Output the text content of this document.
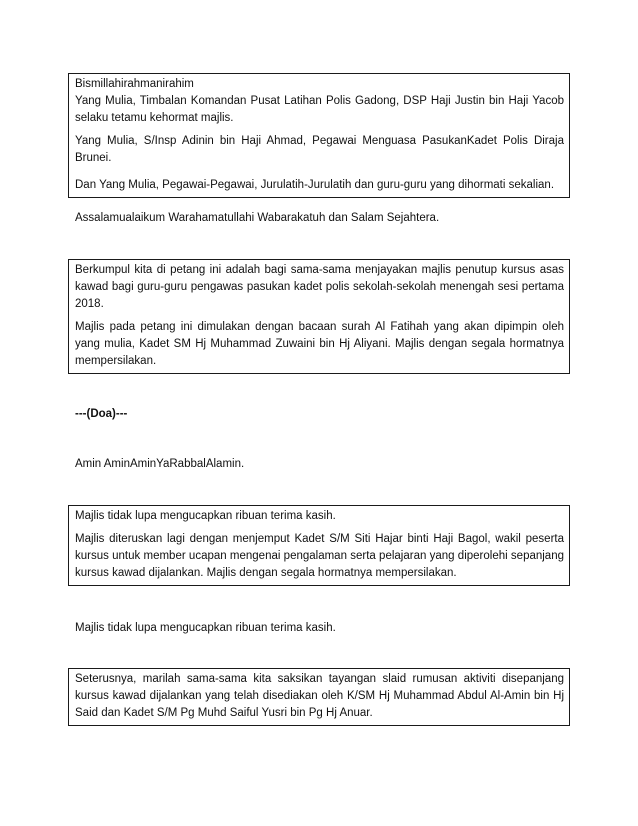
Bismillahirahmanirahim

Yang Mulia, Timbalan Komandan Pusat Latihan Polis Gadong, DSP Haji Justin bin Haji Yacob selaku tetamu kehormat majlis.

Yang Mulia, S/Insp Adinin bin Haji Ahmad, Pegawai Menguasa PasukanKadet Polis Diraja Brunei.

Dan Yang Mulia, Pegawai-Pegawai, Jurulatih-Jurulatih dan guru-guru yang dihormati sekalian.

Assalamualaikum Warahamatullahi Wabarakatuh dan Salam Sejahtera.

Berkumpul kita di petang ini adalah bagi sama-sama menjayakan majlis penutup kursus asas kawad bagi guru-guru pengawas pasukan kadet polis sekolah-sekolah menengah sesi pertama 2018.

Majlis pada petang ini dimulakan dengan bacaan surah Al Fatihah yang akan dipimpin oleh yang mulia, Kadet SM Hj Muhammad Zuwaini bin Hj Aliyani. Majlis dengan segala hormatnya mempersilakan.

---(Doa)---

Amin AminAminYaRabbalAlamin.

Majlis tidak lupa mengucapkan ribuan terima kasih.

Majlis diteruskan lagi dengan menjemput Kadet S/M Siti Hajar binti Haji Bagol, wakil peserta kursus untuk member ucapan mengenai pengalaman serta pelajaran yang diperolehi sepanjang kursus kawad dijalankan. Majlis dengan segala hormatnya mempersilakan.

Majlis tidak lupa mengucapkan ribuan terima kasih.

Seterusnya, marilah sama-sama kita saksikan tayangan slaid rumusan aktiviti disepanjang kursus kawad dijalankan yang telah disediakan oleh K/SM Hj Muhammad Abdul Al-Amin bin Hj Said dan Kadet S/M Pg Muhd Saiful Yusri bin Pg Hj Anuar.
